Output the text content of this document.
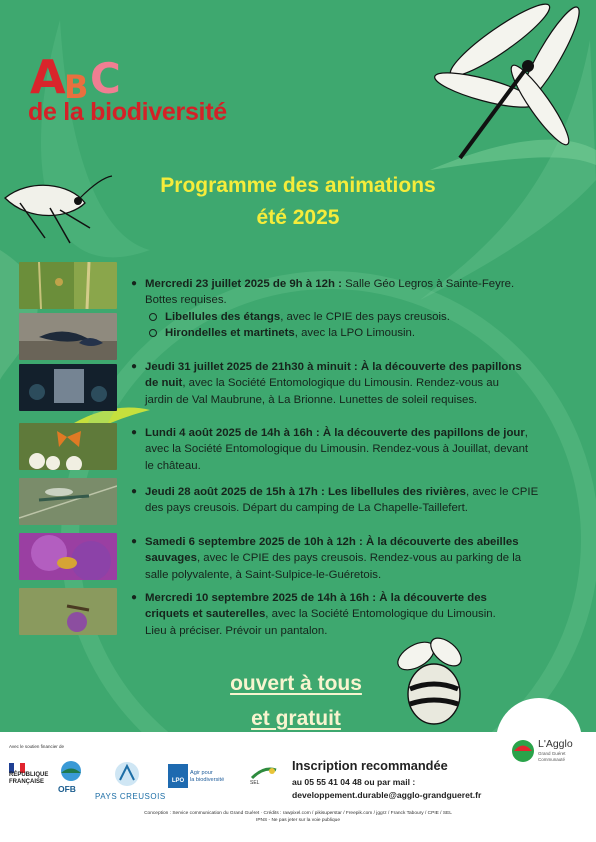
A
B C
de la biodiversité
Programme des animations
été 2025
● Mercredi 23 juillet 2025 de 9h à 12h : Salle Géo Legros à Sainte-Feyre.
Bottes requises.
Libellules des étangs, avec le CPIE des pays creusois.
Hirondelles et martinets, avec la LPO Limousin.
● Jeudi 31 juillet 2025 de 21h30 à minuit : À la découverte des papillons
de nuit, avec la Société Entomologique du Limousin. Rendez-vous au
jardin de Val Maubrune, à La Brionne. Lunettes de soleil requises.
● Lundi 4 août 2025 de 14h à 16h : À la découverte des papillons de jour,
avec la Société Entomologique du Limousin. Rendez-vous à Jouillat, devant
le château.
● Jeudi 28 août 2025 de 15h à 17h : Les libellules des rivières, avec le CPIE
des pays creusois. Départ du camping de La Chapelle-Taillefert.
● Samedi 6 septembre 2025 de 10h à 12h : À la découverte des abeilles
sauvages, avec le CPIE des pays creusois. Rendez-vous au parking de la
salle polyvalente, à Saint-Sulpice-le-Guéretois.
● Mercredi 10 septembre 2025 de 14h à 16h : À la découverte des
criquets et sauterelles, avec la Société Entomologique du Limousin.
Lieu à préciser. Prévoir un pantalon.
ouvert à tous
et gratuit
Avec le soutien financier de
RÉPUBLIQUE
FRANÇAISE
OFB
PAYS CREUSOIS
LPO
Agir pour
la biodiversité
SEL
Inscription recommandée
au 05 55 41 04 48 ou par mail :
developpement.durable@agglo-grandgueret.fr
Conception : Service communication du Grand Guéret · Crédits : rawpixel.com / pikisuperstar / Freepik.com / jggrz / Franck Taboury / CPIE / SEL
IPNS - Ne pas jeter sur la voie publique
L'Agglo
Grand Guéret
Communauté
